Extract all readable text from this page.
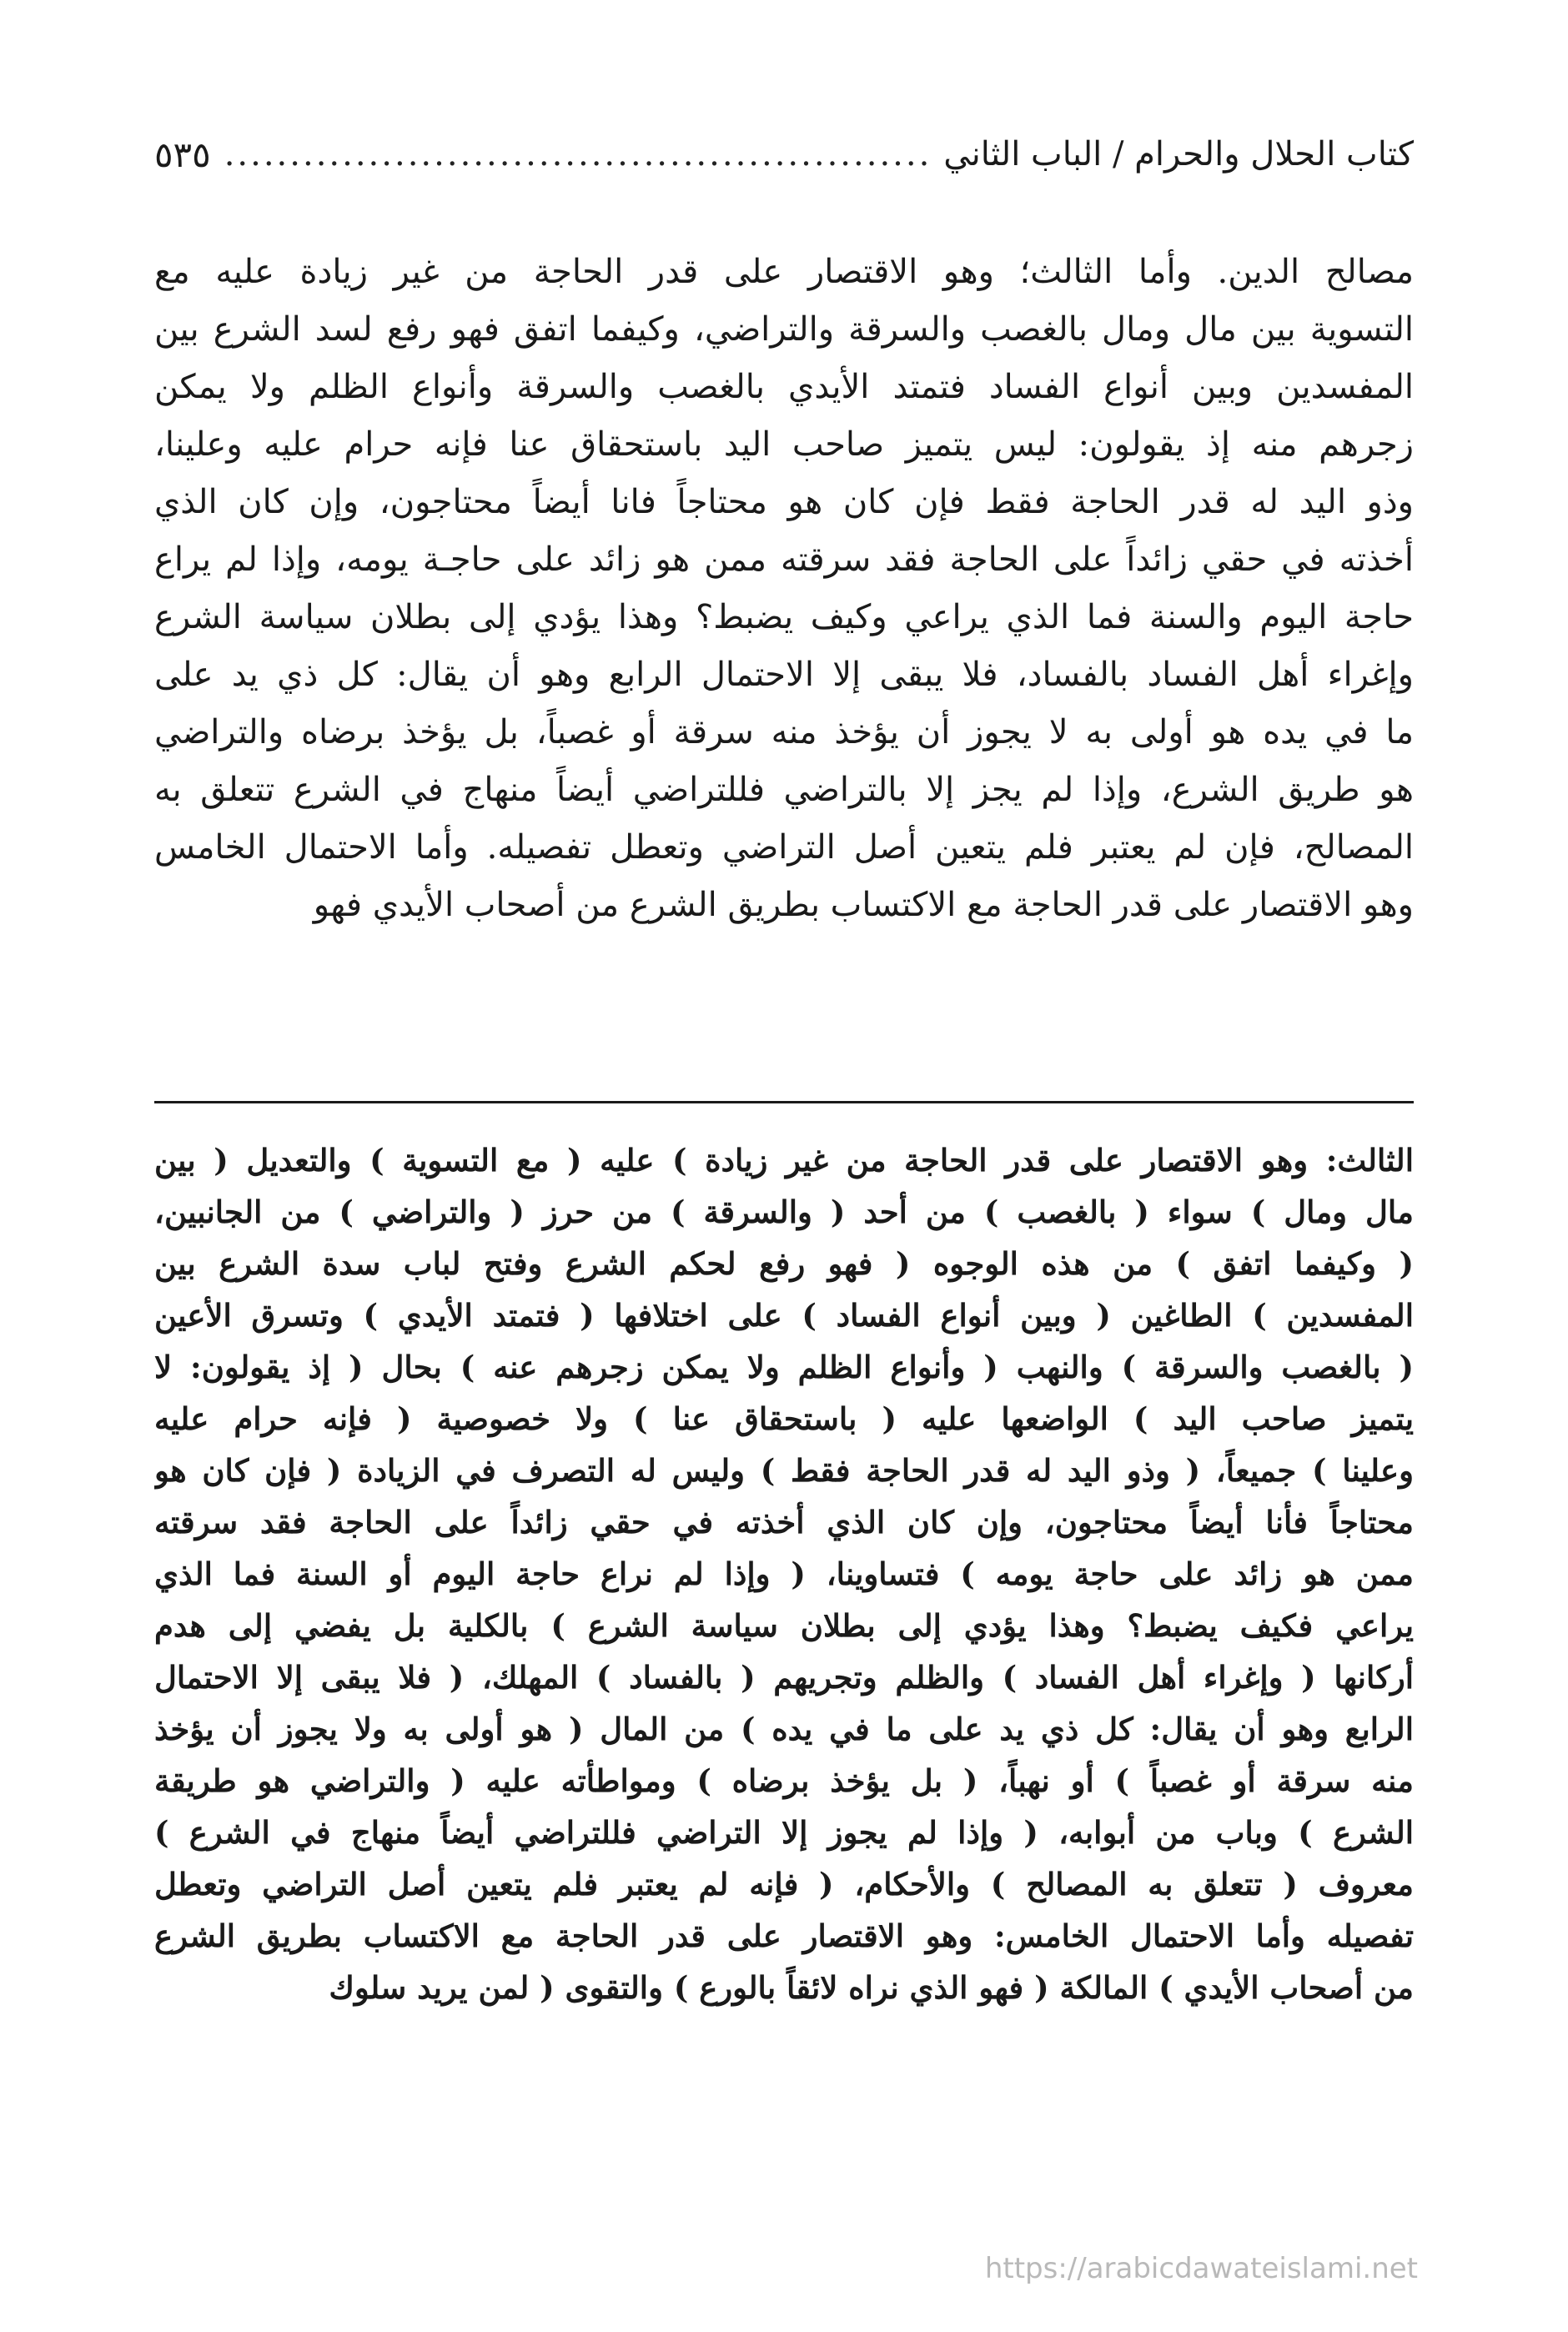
كتاب الحلال والحرام / الباب الثاني
.....
٥٣٥
مصالح الدين. وأما الثالث؛ وهو الاقتصار على قدر الحاجة من غير زيادة عليه مع
التسوية بين مال ومال بالغصب والسرقة والتراضي، وكيفما اتفق فهو رفع لسد الشرع بين
المفسدين وبين أنواع الفساد فتمتد الأيدي بالغصب والسرقة وأنواع الظلم ولا يمكن
زجرهم منه إذ يقولون: ليس يتميز صاحب اليد باستحقاق عنا فإنه حرام عليه وعلينا،
وذو اليد له قدر الحاجة فقط فإن كان هو محتاجاً فانا أيضاً محتاجون، وإن كان الذي
أخذته في حقي زائداً على الحاجة فقد سرقته ممن هو زائد على حاجـة يومه، وإذا لم يراع
حاجة اليوم والسنة فما الذي يراعي وكيف يضبط؟ وهذا يؤدي إلى بطلان سياسة الشرع
وإغراء أهل الفساد بالفساد، فلا يبقى إلا الاحتمال الرابع وهو أن يقال: كل ذي يد على
ما في يده هو أولى به لا يجوز أن يؤخذ منه سرقة أو غصباً، بل يؤخذ برضاه والتراضي
هو طريق الشرع، وإذا لم يجز إلا بالتراضي فللتراضي أيضاً منهاج في الشرع تتعلق به
المصالح، فإن لم يعتبر فلم يتعين أصل التراضي وتعطل تفصيله. وأما الاحتمال الخامس
وهو الاقتصار على قدر الحاجة مع الاكتساب بطريق الشرع من أصحاب الأيدي فهو
الثالث: وهو الاقتصار على قدر الحاجة من غير زيادة ) عليه ( مع التسوية ) والتعديل ( بين
مال ومال ) سواء ( بالغصب ) من أحد ( والسرقة ) من حرز ( والتراضي ) من الجانبين،
( وكيفما اتفق ) من هذه الوجوه ( فهو رفع لحكم الشرع وفتح لباب سدة الشرع بين
المفسدين ) الطاغين ( وبين أنواع الفساد ) على اختلافها ( فتمتد الأيدي ) وتسرق الأعين
( بالغصب والسرقة ) والنهب ( وأنواع الظلم ولا يمكن زجرهم عنه ) بحال ( إذ يقولون: لا
يتميز صاحب اليد ) الواضعها عليه ( باستحقاق عنا ) ولا خصوصية ( فإنه حرام عليه
وعلينا ) جميعاً، ( وذو اليد له قدر الحاجة فقط ) وليس له التصرف في الزيادة ( فإن كان هو
محتاجاً فأنا أيضاً محتاجون، وإن كان الذي أخذته في حقي زائداً على الحاجة فقد سرقته
ممن هو زائد على حاجة يومه ) فتساوينا، ( وإذا لم نراع حاجة اليوم أو السنة فما الذي
يراعي فكيف يضبط؟ وهذا يؤدي إلى بطلان سياسة الشرع ) بالكلية بل يفضي إلى هدم
أركانها ( وإغراء أهل الفساد ) والظلم وتجريهم ( بالفساد ) المهلك، ( فلا يبقى إلا الاحتمال
الرابع وهو أن يقال: كل ذي يد على ما في يده ) من المال ( هو أولى به ولا يجوز أن يؤخذ
منه سرقة أو غصباً ) أو نهباً، ( بل يؤخذ برضاه ) ومواطأته عليه ( والتراضي هو طريقة
الشرع ) وباب من أبوابه، ( وإذا لم يجوز إلا التراضي فللتراضي أيضاً منهاج في الشرع )
معروف ( تتعلق به المصالح ) والأحكام، ( فإنه لم يعتبر فلم يتعين أصل التراضي وتعطل
تفصيله وأما الاحتمال الخامس: وهو الاقتصار على قدر الحاجة مع الاكتساب بطريق الشرع
من أصحاب الأيدي ) المالكة ( فهو الذي نراه لائقاً بالورع ) والتقوى ( لمن يريد سلوك
https://arabicdawateislami.net
